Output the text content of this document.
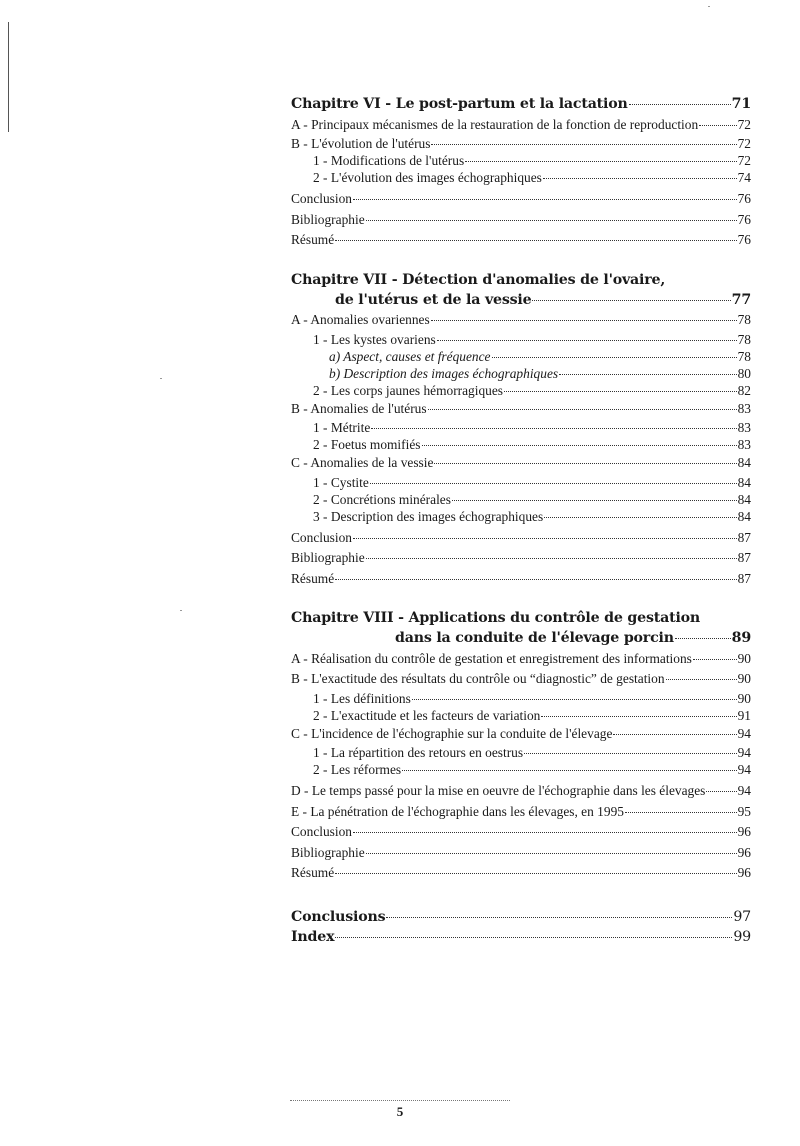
Chapitre VI - Le post-partum et la lactation	71
A - Principaux mécanismes de la restauration de la fonction de reproduction	72
B - L'évolution de l'utérus	72
1 - Modifications de l'utérus	72
2 - L'évolution des images échographiques	74
Conclusion	76
Bibliographie	76
Résumé	76
Chapitre VII - Détection d'anomalies de l'ovaire,
de l'utérus et de la vessie	77
A - Anomalies ovariennes	78
1 - Les kystes ovariens	78
a) Aspect, causes et fréquence	78
b) Description des images échographiques	80
2 - Les corps jaunes hémorragiques	82
B - Anomalies de l'utérus	83
1 - Métrite	83
2 - Foetus momifiés	83
C - Anomalies de la vessie	84
1 - Cystite	84
2 - Concrétions minérales	84
3 - Description des images échographiques	84
Conclusion	87
Bibliographie	87
Résumé	87
Chapitre VIII - Applications du contrôle de gestation
dans la conduite de l'élevage porcin	89
A - Réalisation du contrôle de gestation et enregistrement des informations	90
B - L'exactitude des résultats du contrôle ou “diagnostic” de gestation	90
1 - Les définitions	90
2 - L'exactitude et les facteurs de variation	91
C - L'incidence de l'échographie sur la conduite de l'élevage	94
1 - La répartition des retours en oestrus	94
2 - Les réformes	94
D - Le temps passé pour la mise en oeuvre de l'échographie dans les élevages 94
E - La pénétration de l'échographie dans les élevages, en 1995	95
Conclusion	96
Bibliographie	96
Résumé	96
Conclusions	97
Index	99
5
